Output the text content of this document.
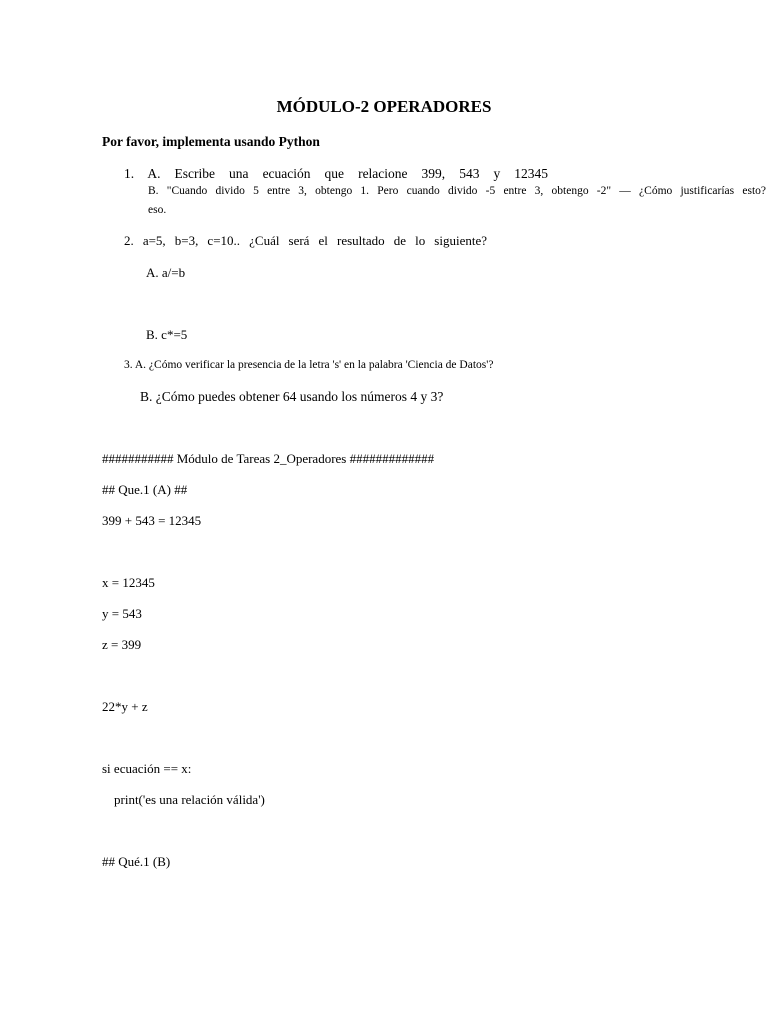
MÓDULO-2 OPERADORES
Por favor, implementa usando Python
1. A. Escribe una ecuación que relacione 399, 543 y 12345
B. "Cuando divido 5 entre 3, obtengo 1. Pero cuando divido -5 entre 3, obtengo -2" — ¿Cómo justificarías esto?
eso.
2. a=5, b=3, c=10.. ¿Cuál será el resultado de lo siguiente?
A. a/=b
B. c*=5
3. A. ¿Cómo verificar la presencia de la letra 's' en la palabra 'Ciencia de Datos'?
B. ¿Cómo puedes obtener 64 usando los números 4 y 3?
########### Módulo de Tareas 2_Operadores #############
## Que.1 (A) ##
399 + 543 = 12345
x = 12345
y = 543
z = 399
22*y + z
si ecuación == x:
print('es una relación válida')
## Qué.1 (B)
